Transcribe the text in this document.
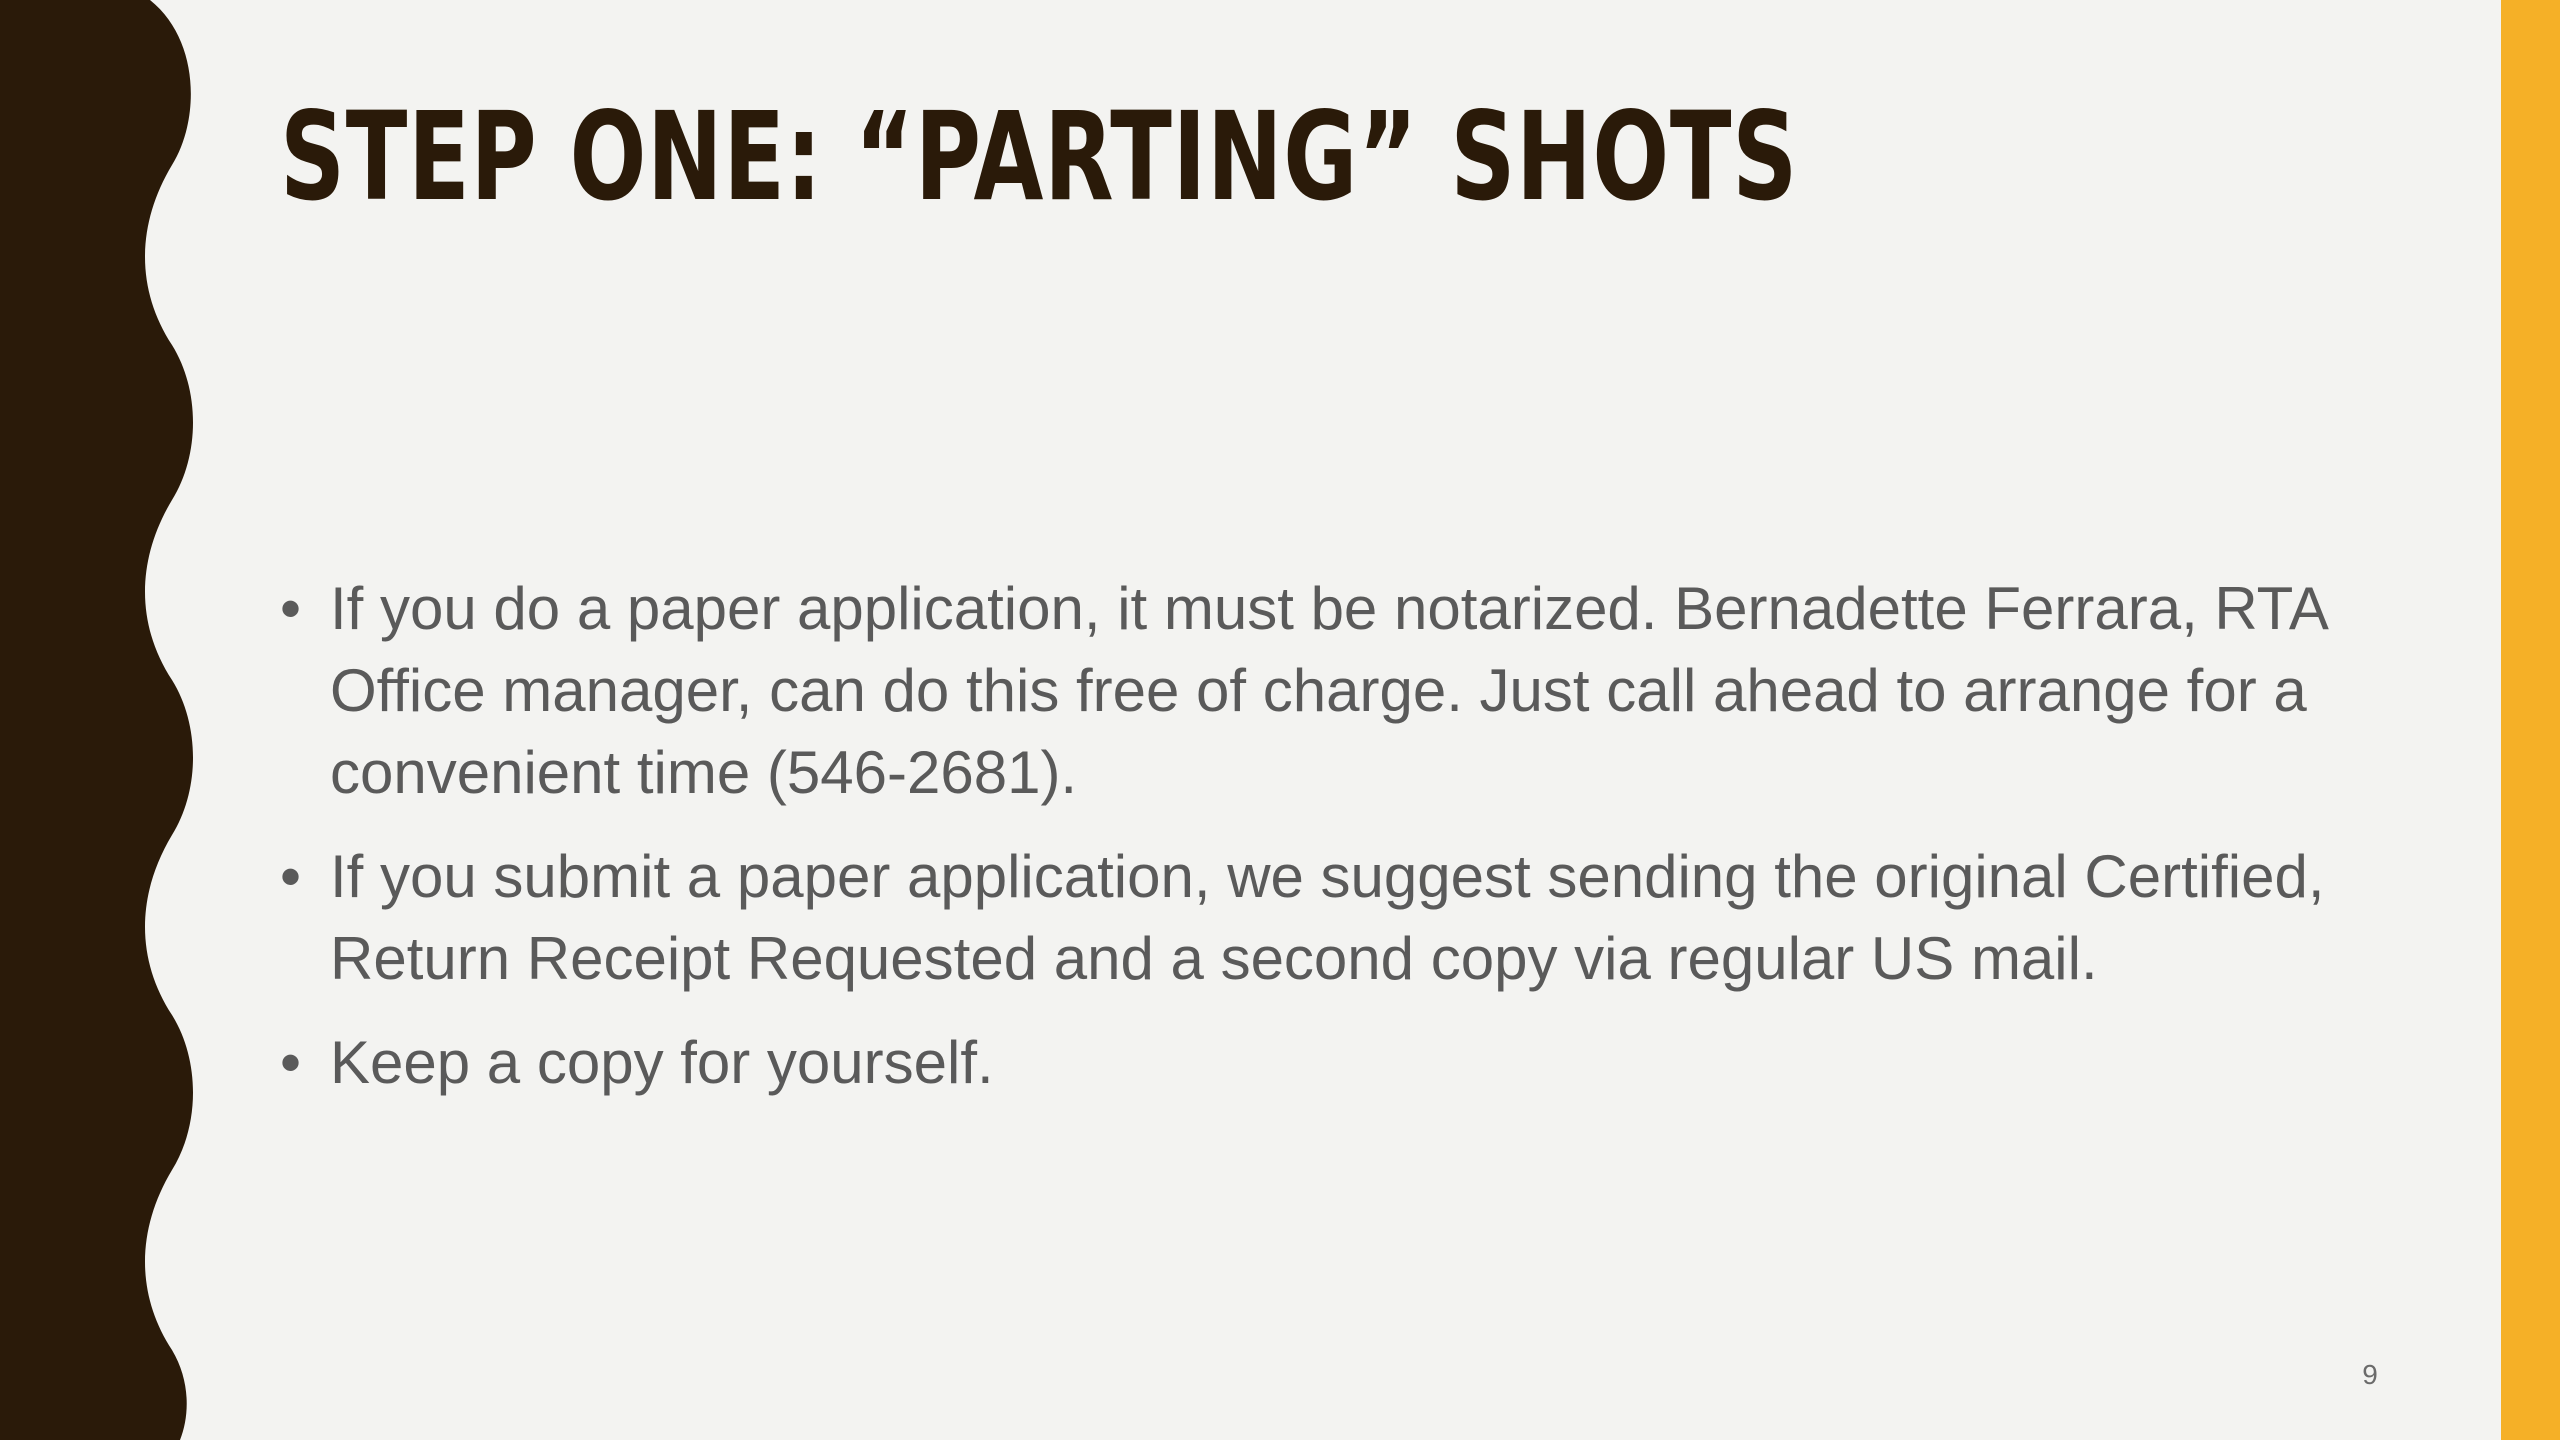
STEP ONE: “PARTING” SHOTS
• If you do a paper application, it must be notarized. Bernadette Ferrara, RTA Office manager, can do this free of charge. Just call ahead to arrange for a convenient time (546-2681).
• If you submit a paper application, we suggest sending the original Certified, Return Receipt Requested and a second copy via regular US mail.
• Keep a copy for yourself.
9
